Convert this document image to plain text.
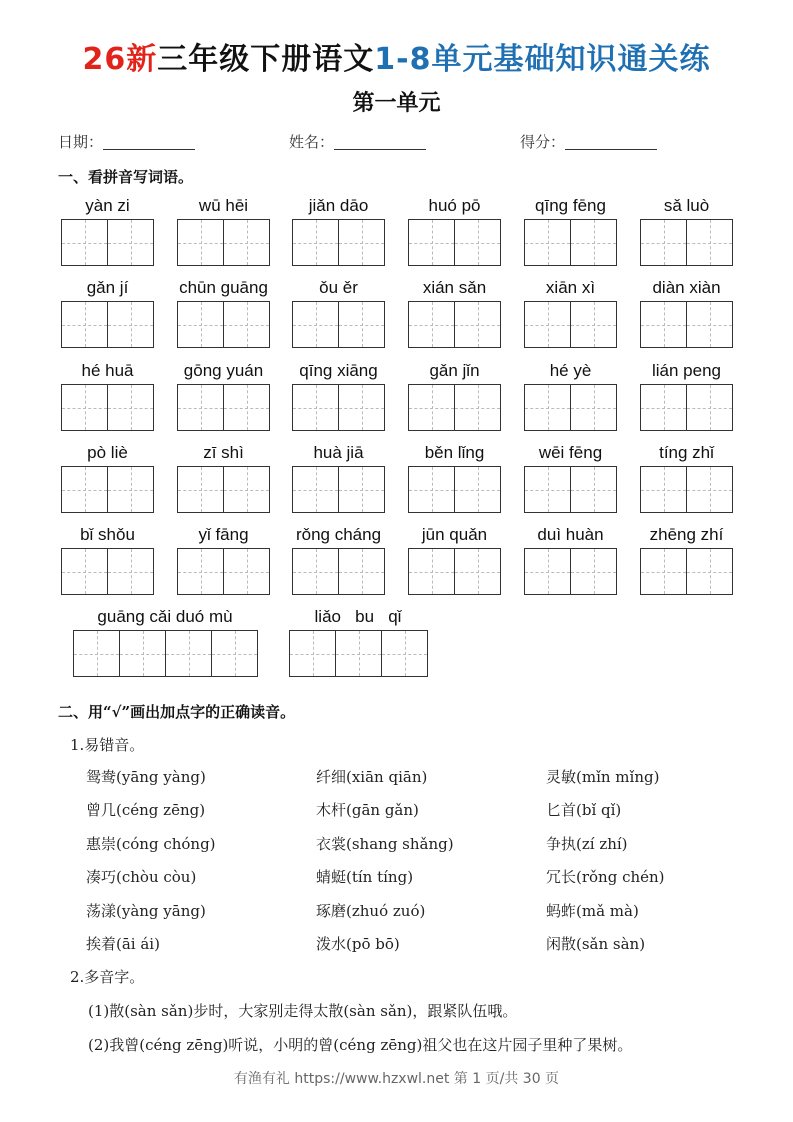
26新三年级下册语文1-8单元基础知识通关练
第一单元
日期：	姓名：	得分：
一、看拼音写词语。
yàn zi	wū hēi	jiǎn dāo	huó pō	qīng fēng	sǎ luò
gǎn jí	chūn guāng	ǒu ěr	xián sǎn	xiān xì	diàn xiàn
hé huā	gōng yuán	qīng xiāng	gǎn jǐn	hé yè	lián peng
pò liè	zī shì	huà jiā	běn lǐng	wēi fēng	tíng zhǐ
bǐ shǒu	yǐ fāng	rǒng cháng	jūn quǎn	duì huàn	zhēng zhí
guāng cǎi duó mù	liǎo   bu   qǐ
二、用“√”画出加点字的正确读音。
1.易错音。
鸳鸯(yāng yàng)	纤细(xiān qiān)	灵敏(mǐn mǐng)
曾几(céng zēng)	木杆(gān gǎn)	匕首(bǐ qǐ)
惠崇(cóng chóng)	衣裳(shang shǎng)	争执(zí zhí)
凑巧(chòu còu)	蜻蜓(tín tíng)	冗长(rǒng chén)
荡漾(yàng yāng)	琢磨(zhuó zuó)	蚂蚱(mǎ mà)
挨着(āi ái)	泼水(pō bō)	闲散(sǎn sàn)
2.多音字。
(1)散(sàn sǎn)步时，大家别走得太散(sàn sǎn)，跟紧队伍哦。
(2)我曾(céng zēng)听说，小明的曾(céng zēng)祖父也在这片园子里种了果树。
有渔有礼 https://www.hzxwl.net 第 1 页/共 30 页
